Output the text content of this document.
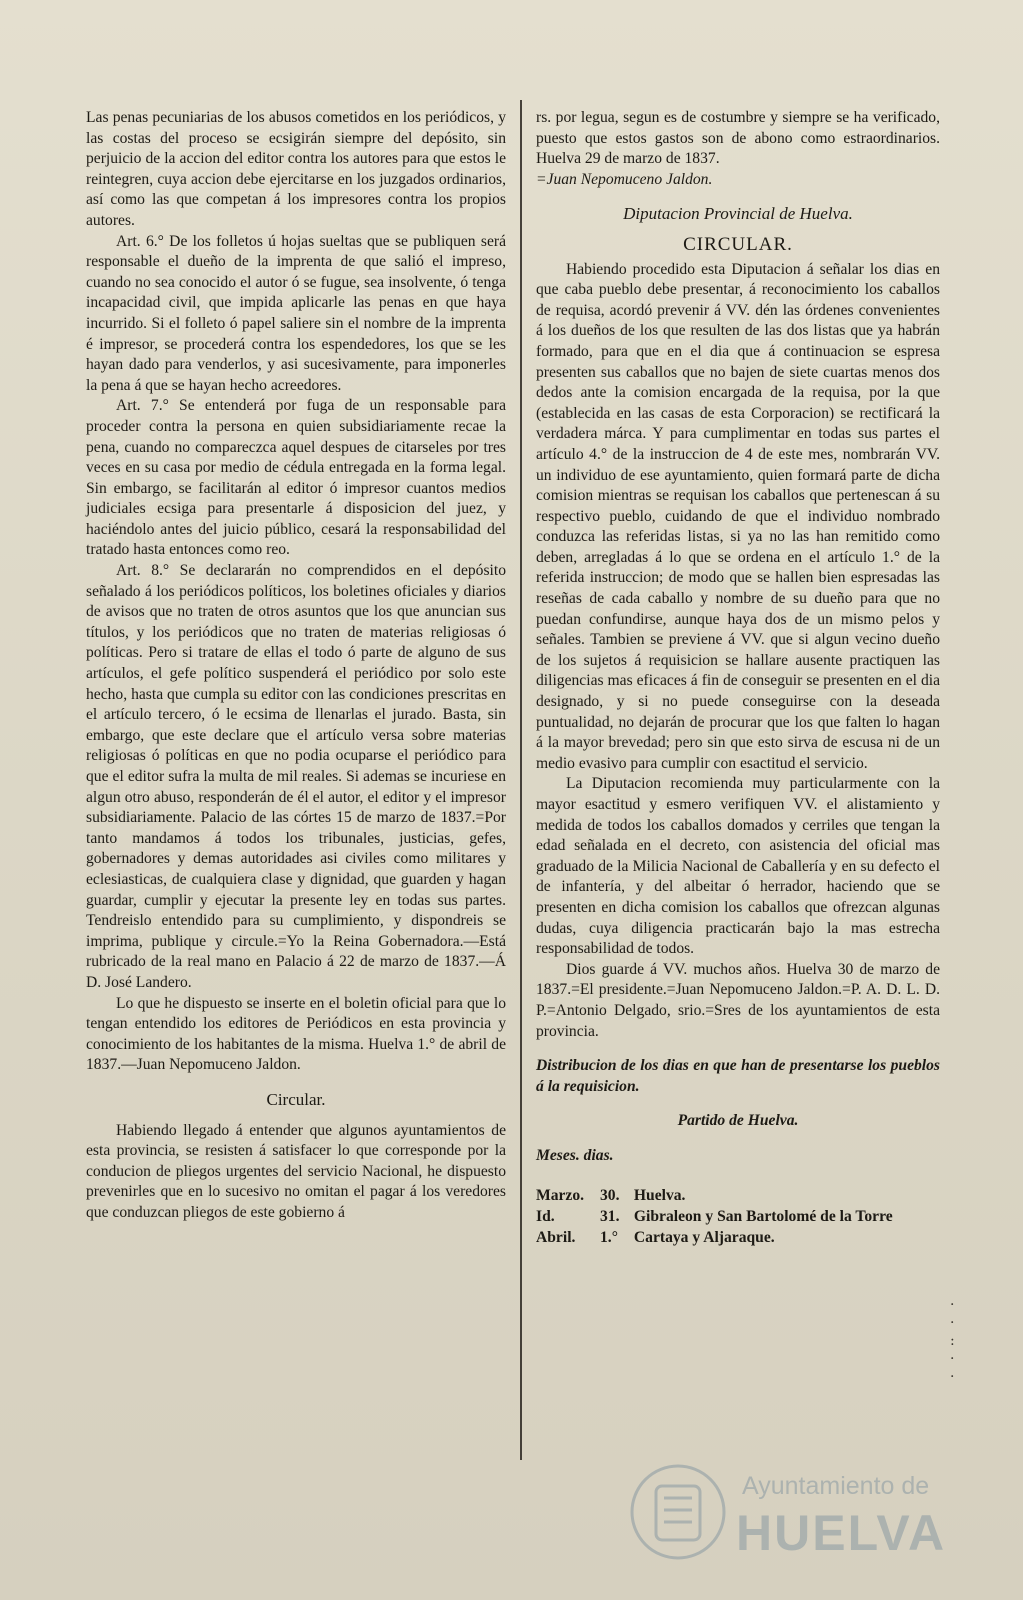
Las penas pecuniarias de los abusos cometidos en los periódicos, y las costas del proceso se ecsigirán siempre del depósito, sin perjuicio de la accion del editor contra los autores para que estos le reintegren, cuya accion debe ejercitarse en los juzgados ordinarios, así como las que competan á los impresores contra los propios autores.

Art. 6.° De los folletos ú hojas sueltas que se publiquen será responsable el dueño de la imprenta de que salió el impreso, cuando no sea conocido el autor ó se fugue, sea insolvente, ó tenga incapacidad civil, que impida aplicarle las penas en que haya incurrido. Si el folleto ó papel saliere sin el nombre de la imprenta é impresor, se procederá contra los espendedores, los que se les hayan dado para venderlos, y asi sucesivamente, para imponerles la pena á que se hayan hecho acreedores.

Art. 7.° Se entenderá por fuga de un responsable para proceder contra la persona en quien subsidiariamente recae la pena, cuando no compareczca aquel despues de citarseles por tres veces en su casa por medio de cédula entregada en la forma legal. Sin embargo, se facilitarán al editor ó impresor cuantos medios judiciales ecsiga para presentarle á disposicion del juez, y haciéndolo antes del juicio público, cesará la responsabilidad del tratado hasta entonces como reo.

Art. 8.° Se declararán no comprendidos en el depósito señalado á los periódicos políticos, los boletines oficiales y diarios de avisos que no traten de otros asuntos que los que anuncian sus títulos, y los periódicos que no traten de materias religiosas ó políticas. Pero si tratare de ellas el todo ó parte de alguno de sus artículos, el gefe político suspenderá el periódico por solo este hecho, hasta que cumpla su editor con las condiciones prescritas en el artículo tercero, ó le ecsima de llenarlas el jurado. Basta, sin embargo, que este declare que el artículo versa sobre materias religiosas ó políticas en que no podia ocuparse el periódico para que el editor sufra la multa de mil reales. Si ademas se incuriese en algun otro abuso, responderán de él el autor, el editor y el impresor subsidiariamente. Palacio de las córtes 15 de marzo de 1837.=Por tanto mandamos á todos los tribunales, justicias, gefes, gobernadores y demas autoridades asi civiles como militares y eclesiasticas, de cualquiera clase y dignidad, que guarden y hagan guardar, cumplir y ejecutar la presente ley en todas sus partes. Tendreislo entendido para su cumplimiento, y dispondreis se imprima, publique y circule.=Yo la Reina Gobernadora.—Está rubricado de la real mano en Palacio á 22 de marzo de 1837.—Á D. José Landero.

Lo que he dispuesto se inserte en el boletin oficial para que lo tengan entendido los editores de Periódicos en esta provincia y conocimiento de los habitantes de la misma. Huelva 1.° de abril de 1837.—Juan Nepomuceno Jaldon.

Circular.

Habiendo llegado á entender que algunos ayuntamientos de esta provincia, se resisten á satisfacer lo que corresponde por la conducion de pliegos urgentes del servicio Nacional, he dispuesto prevenirles que en lo sucesivo no omitan el pagar á los veredores que conduzcan pliegos de este gobierno á

rs. por legua, segun es de costumbre y siempre se ha verificado, puesto que estos gastos son de abono como estraordinarios. Huelva 29 de marzo de 1837.

=Juan Nepomuceno Jaldon.

Diputacion Provincial de Huelva.

CIRCULAR.

Habiendo procedido esta Diputacion á señalar los dias en que caba pueblo debe presentar, á reconocimiento los caballos de requisa, acordó prevenir á VV. dén las órdenes convenientes á los dueños de los que resulten de las dos listas que ya habrán formado, para que en el dia que á continuacion se espresa presenten sus caballos que no bajen de siete cuartas menos dos dedos ante la comision encargada de la requisa, por la que (establecida en las casas de esta Corporacion) se rectificará la verdadera márca. Y para cumplimentar en todas sus partes el artículo 4.° de la instruccion de 4 de este mes, nombrarán VV. un individuo de ese ayuntamiento, quien formará parte de dicha comision mientras se requisan los caballos que pertenescan á su respectivo pueblo, cuidando de que el individuo nombrado conduzca las referidas listas, si ya no las han remitido como deben, arregladas á lo que se ordena en el artículo 1.° de la referida instruccion; de modo que se hallen bien espresadas las reseñas de cada caballo y nombre de su dueño para que no puedan confundirse, aunque haya dos de un mismo pelos y señales. Tambien se previene á VV. que si algun vecino dueño de los sujetos á requisicion se hallare ausente practiquen las diligencias mas eficaces á fin de conseguir se presenten en el dia designado, y si no puede conseguirse con la deseada puntualidad, no dejarán de procurar que los que falten lo hagan á la mayor brevedad; pero sin que esto sirva de escusa ni de un medio evasivo para cumplir con esactitud el servicio.

La Diputacion recomienda muy particularmente con la mayor esactitud y esmero verifiquen VV. el alistamiento y medida de todos los caballos domados y cerriles que tengan la edad señalada en el decreto, con asistencia del oficial mas graduado de la Milicia Nacional de Caballería y en su defecto el de infantería, y del albeitar ó herrador, haciendo que se presenten en dicha comision los caballos que ofrezcan algunas dudas, cuya diligencia practicarán bajo la mas estrecha responsabilidad de todos.

Dios guarde á VV. muchos años. Huelva 30 de marzo de 1837.=El presidente.=Juan Nepomuceno Jaldon.=P. A. D. L. D. P.=Antonio Delgado, srio.=Sres de los ayuntamientos de esta provincia.

Distribucion de los dias en que han de presentarse los pueblos á la requisicion.

Partido de Huelva.

Meses. dias.

Marzo. 30. Huelva.
Id.	31. Gibraleon y San Bartolomé de la Torre
Abril. 1.° Cartaya y Aljaraque.
·
·
:
·
·
Ayuntamiento de
HUELVA
